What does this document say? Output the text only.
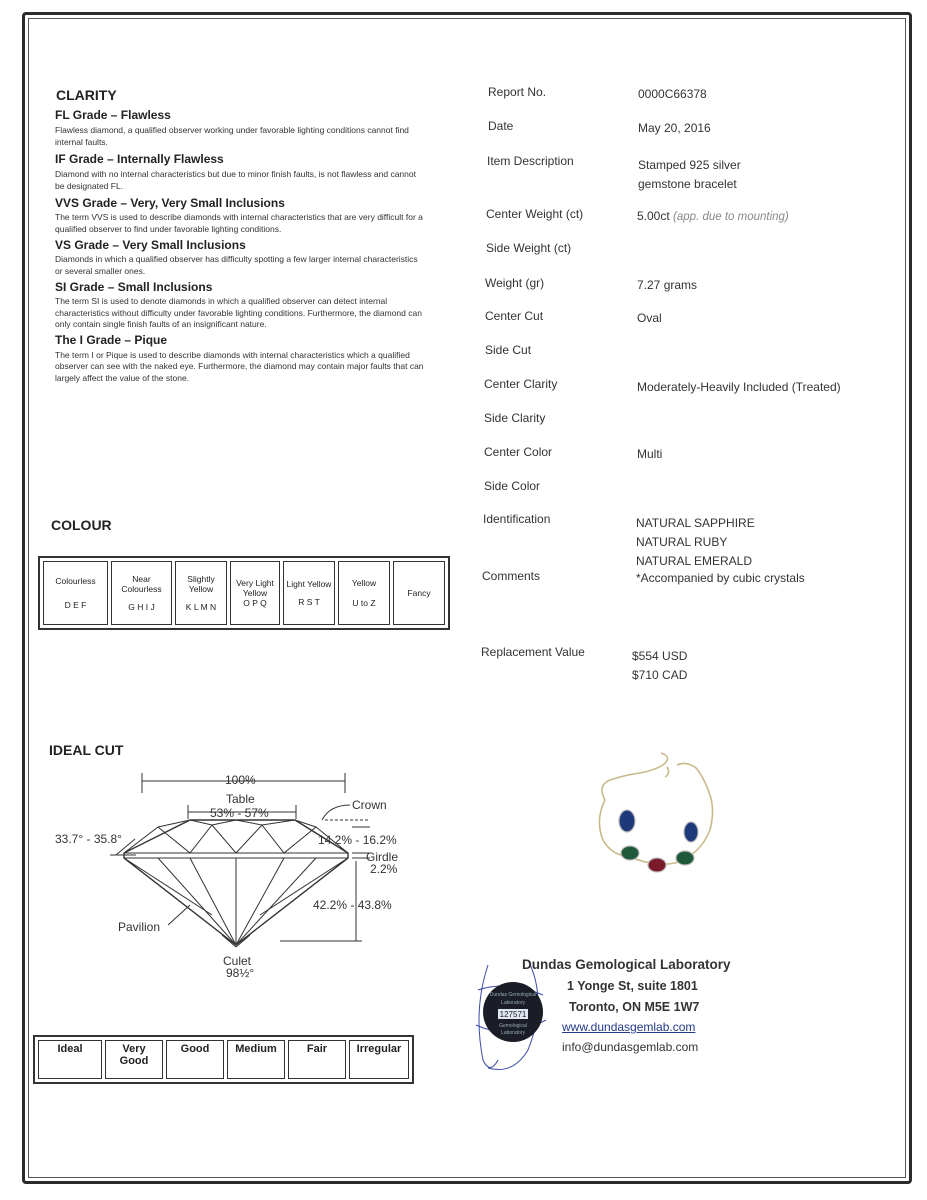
CLARITY
FL Grade – Flawless
Flawless diamond, a qualified observer working under favorable lighting conditions cannot find internal faults.
IF Grade – Internally Flawless
Diamond with no internal characteristics but due to minor finish faults, is not flawless and cannot be designated FL.
VVS Grade – Very, Very Small Inclusions
The term VVS is used to describe diamonds with internal characteristics that are very difficult for a qualified observer to find under favorable lighting conditions.
VS Grade – Very Small Inclusions
Diamonds in which a qualified observer has difficulty spotting a few larger internal characteristics or several smaller ones.
SI Grade – Small Inclusions
The term SI is used to denote diamonds in which a qualified observer can detect internal characteristics without difficulty under favorable lighting conditions. Furthermore, the diamond can only contain single finish faults of an insignificant nature.
The I Grade – Pique
The term I or Pique is used to describe diamonds with internal characteristics which a qualified observer can see with the naked eye. Furthermore, the diamond may contain major faults that can largely affect the value of the stone.
COLOUR
Colourless
D E F

Near Colourless
G H I J

Slightly Yellow
K L M N

Very Light Yellow
O P Q

Light Yellow
R S T

Yellow
U to Z

Fancy
IDEAL CUT
100%
Table
53% - 57%
Crown
33.7° - 35.8°	14.2% - 16.2%
Girdle
2.2%
42.2% - 43.8%
Pavilion
Culet
98½°
Ideal	Very Good	Good	Medium	Fair	Irregular
Report No.	0000C66378
Date	May 20, 2016
Item Description	Stamped 925 silver
gemstone bracelet
Center Weight (ct)	5.00ct (app. due to mounting)
Side Weight (ct)
Weight (gr)	7.27 grams
Center Cut	Oval
Side Cut
Center Clarity	Moderately-Heavily Included (Treated)
Side Clarity
Center Color	Multi
Side Color
Identification	NATURAL SAPPHIRE
NATURAL RUBY
NATURAL EMERALD
Comments	*Accompanied by cubic crystals
Replacement Value	$554 USD
$710 CAD
Dundas Gemological
Laboratory
127571
Gemological
Laboratory
Dundas Gemological Laboratory
1 Yonge St, suite 1801
Toronto, ON M5E 1W7
www.dundasgemlab.com
info@dundasgemlab.com
